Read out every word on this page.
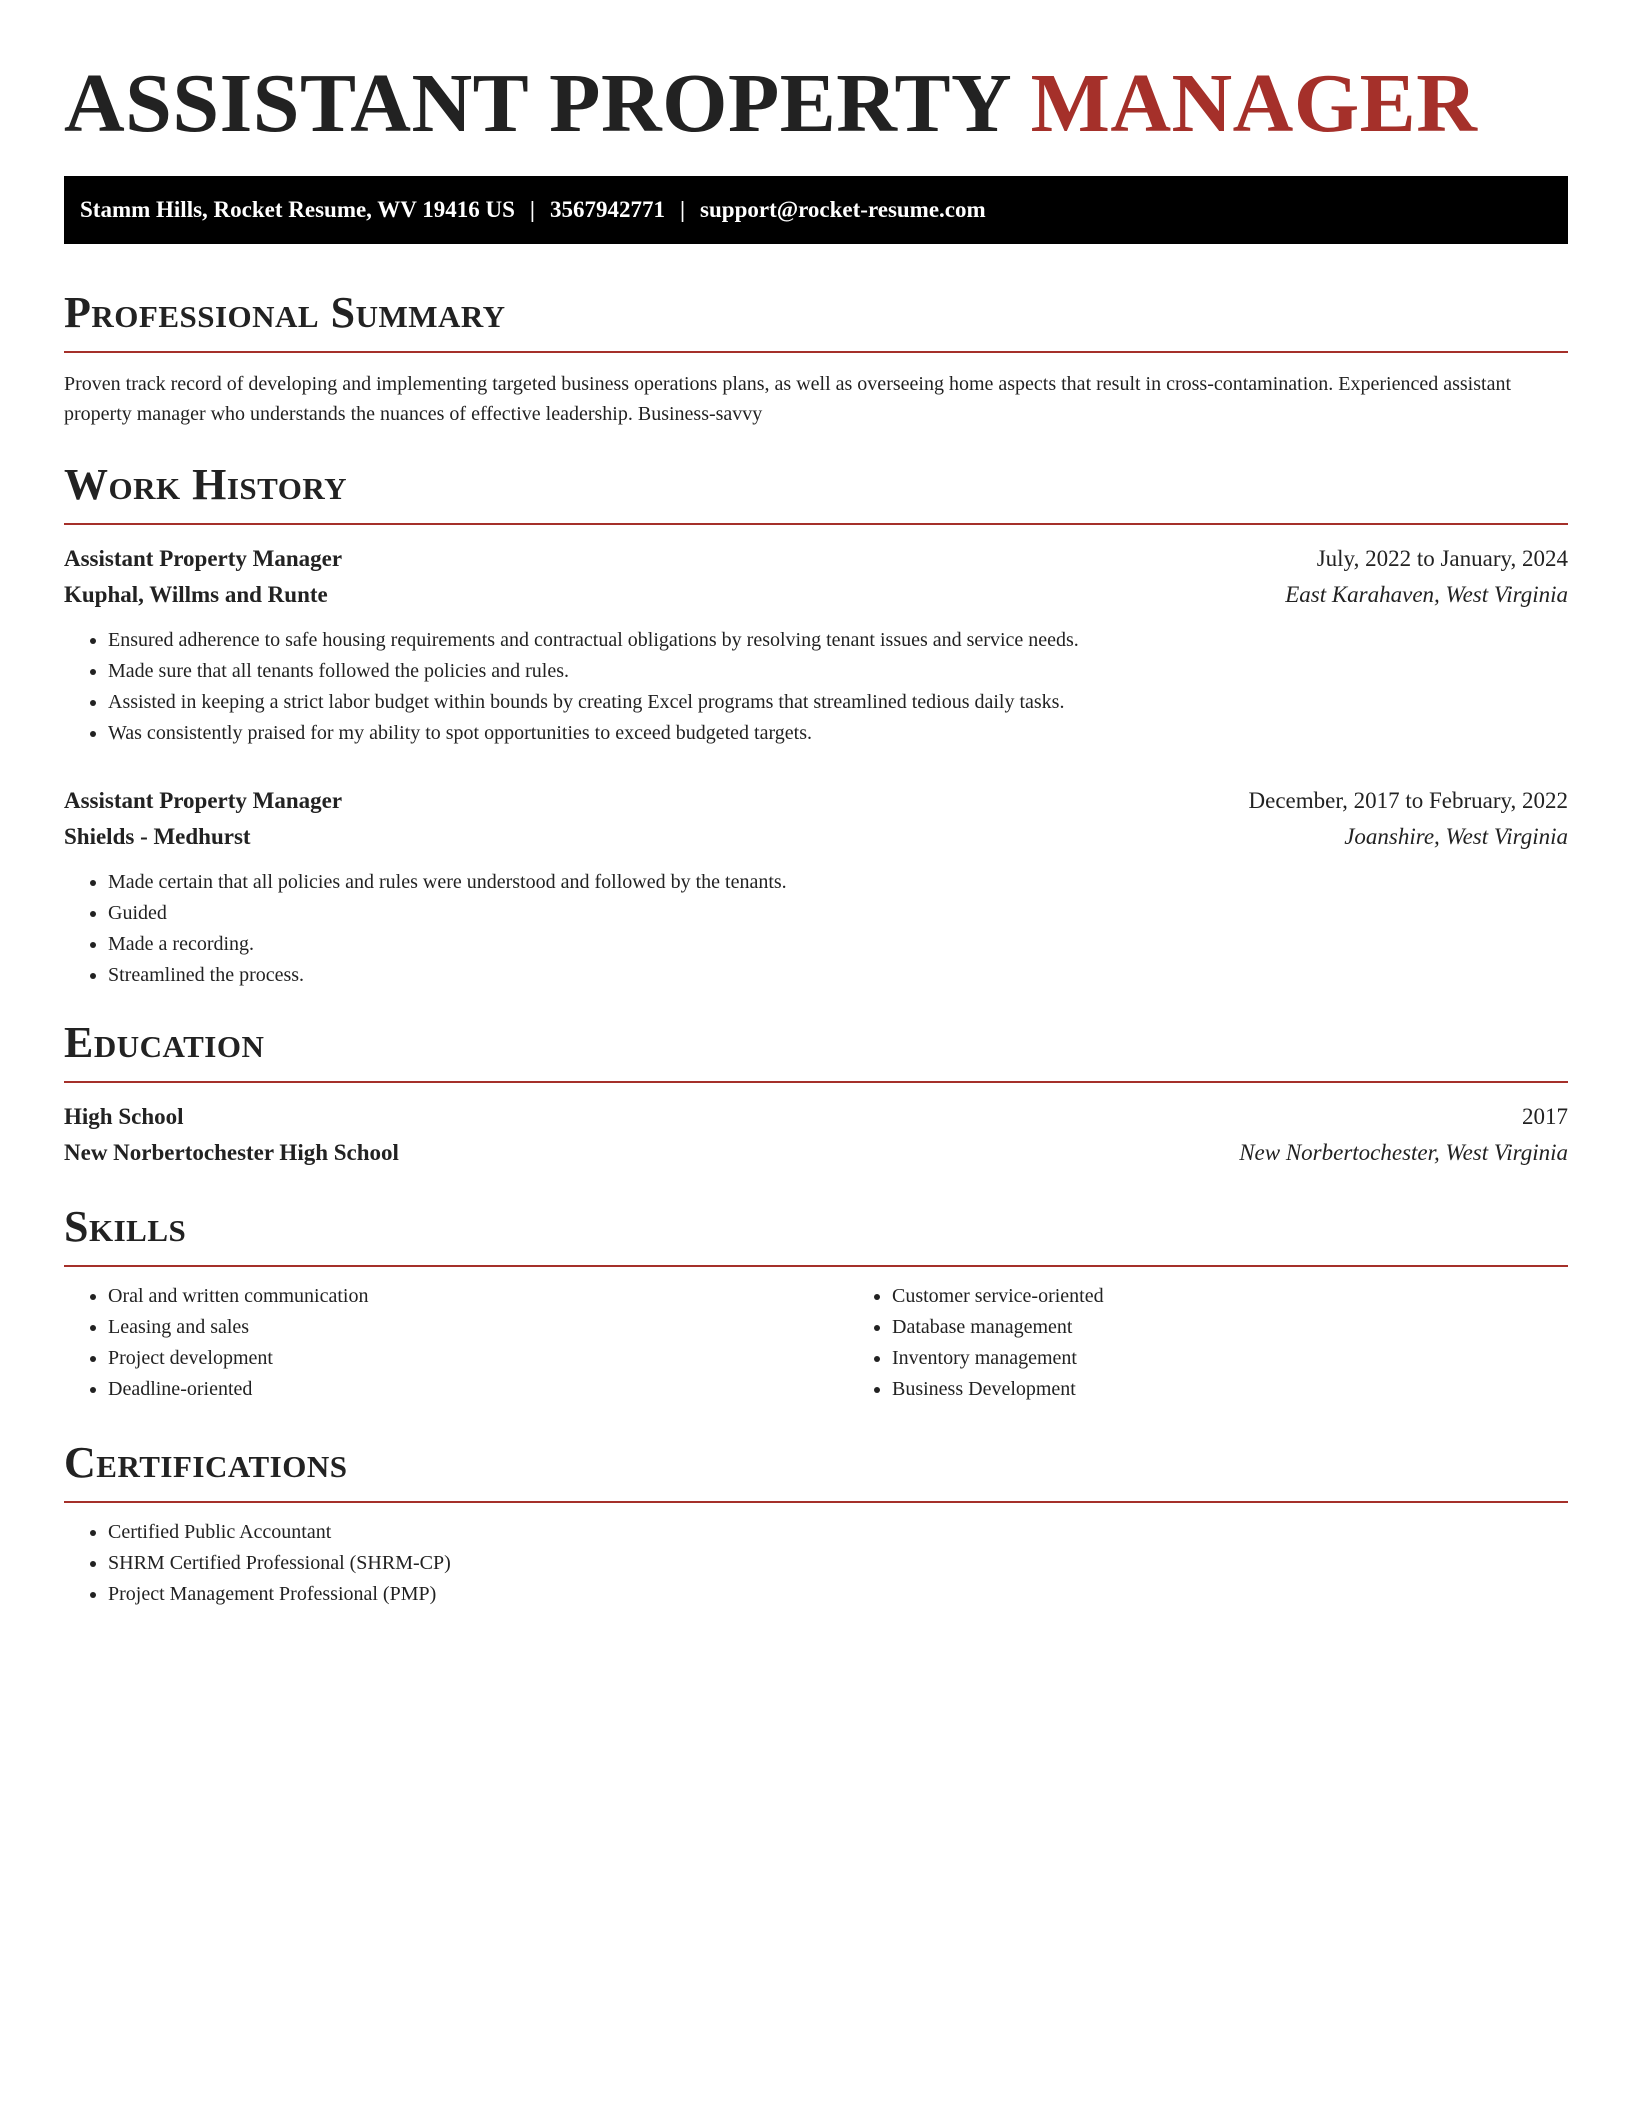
ASSISTANT PROPERTY MANAGER
Stamm Hills, Rocket Resume, WV 19416 US | 3567942771 | support@rocket-resume.com
Professional Summary
Proven track record of developing and implementing targeted business operations plans, as well as overseeing home aspects that result in cross-contamination. Experienced assistant property manager who understands the nuances of effective leadership. Business-savvy
Work History
Assistant Property Manager	July, 2022 to January, 2024
Kuphal, Willms and Runte	East Karahaven, West Virginia
• Ensured adherence to safe housing requirements and contractual obligations by resolving tenant issues and service needs.
• Made sure that all tenants followed the policies and rules.
• Assisted in keeping a strict labor budget within bounds by creating Excel programs that streamlined tedious daily tasks.
• Was consistently praised for my ability to spot opportunities to exceed budgeted targets.
Assistant Property Manager	December, 2017 to February, 2022
Shields - Medhurst	Joanshire, West Virginia
• Made certain that all policies and rules were understood and followed by the tenants.
• Guided
• Made a recording.
• Streamlined the process.
Education
High School	2017
New Norbertochester High School	New Norbertochester, West Virginia
Skills
• Oral and written communication
• Leasing and sales
• Project development
• Deadline-oriented
• Customer service-oriented
• Database management
• Inventory management
• Business Development
Certifications
• Certified Public Accountant
• SHRM Certified Professional (SHRM-CP)
• Project Management Professional (PMP)
